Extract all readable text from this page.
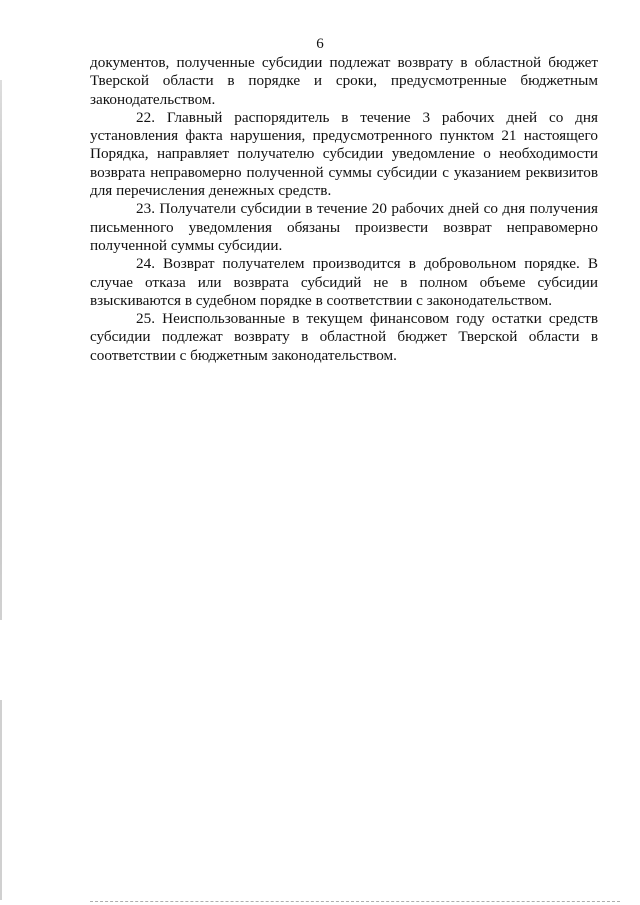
6

документов, полученные субсидии подлежат возврату в областной бюджет Тверской области в порядке и сроки, предусмотренные бюджетным законодательством.

22. Главный распорядитель в течение 3 рабочих дней со дня установления факта нарушения, предусмотренного пунктом 21 настоящего Порядка, направляет получателю субсидии уведомление о необходимости возврата неправомерно полученной суммы субсидии с указанием реквизитов для перечисления денежных средств.

23. Получатели субсидии в течение 20 рабочих дней со дня получения письменного уведомления обязаны произвести возврат неправомерно полученной суммы субсидии.

24. Возврат получателем производится в добровольном порядке. В случае отказа или возврата субсидий не в полном объеме субсидии взыскиваются в судебном порядке в соответствии с законодательством.

25. Неиспользованные в текущем финансовом году остатки средств субсидии подлежат возврату в областной бюджет Тверской области в соответствии с бюджетным законодательством.
